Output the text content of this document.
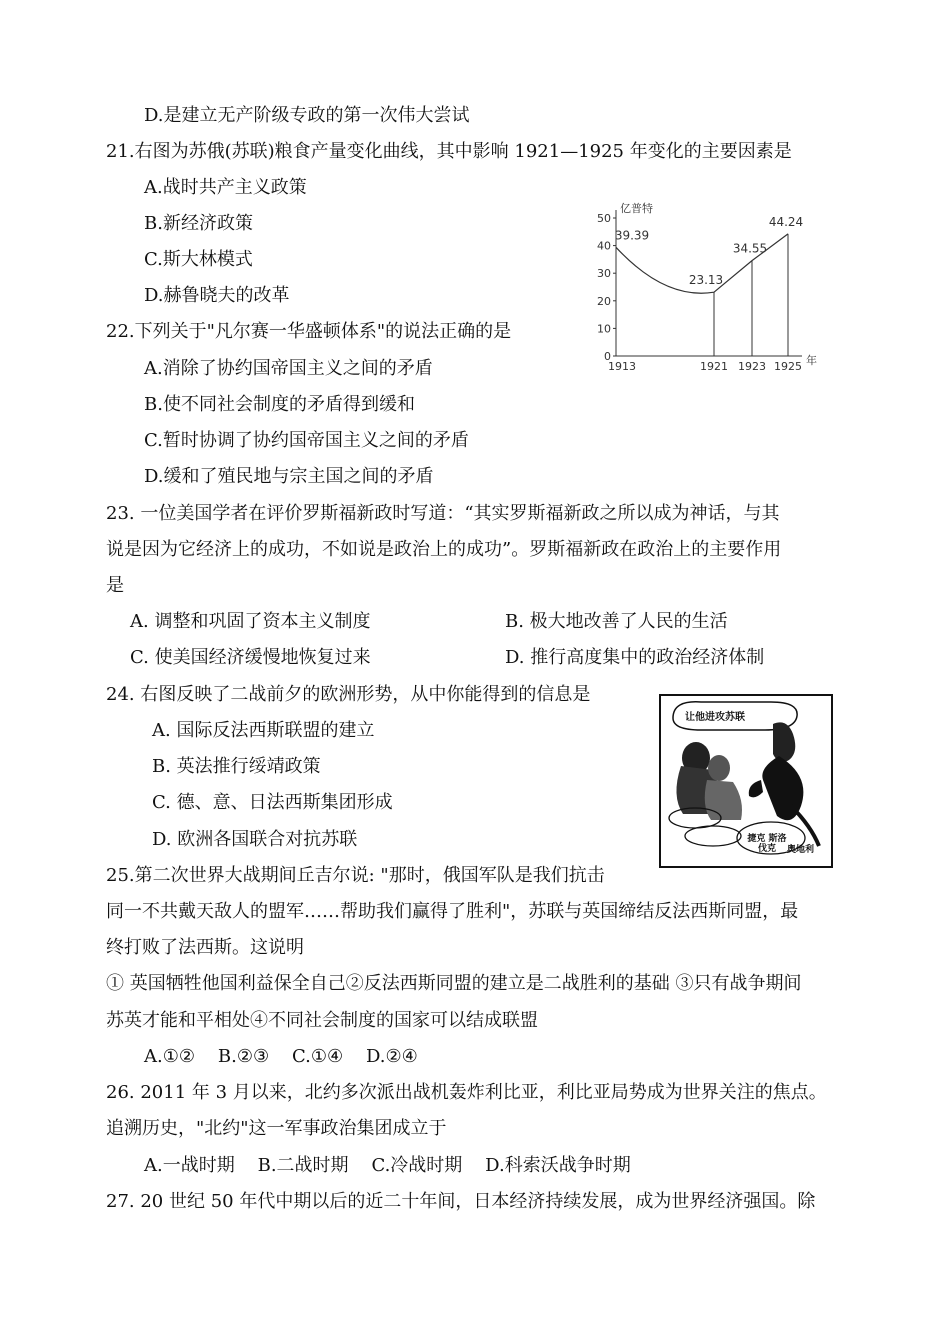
D.是建立无产阶级专政的第一次伟大尝试
21.右图为苏俄(苏联)粮食产量变化曲线，其中影响 1921—1925 年变化的主要因素是
A.战时共产主义政策
B.新经济政策
C.斯大林模式
D.赫鲁晓夫的改革
22.下列关于"凡尔赛一华盛顿体系"的说法正确的是
A.消除了协约国帝国主义之间的矛盾
B.使不同社会制度的矛盾得到缓和
C.暂时协调了协约国帝国主义之间的矛盾
D.缓和了殖民地与宗主国之间的矛盾
23. 一位美国学者在评价罗斯福新政时写道：“其实罗斯福新政之所以成为神话，与其
说是因为它经济上的成功，不如说是政治上的成功”。罗斯福新政在政治上的主要作用
是
A. 调整和巩固了资本主义制度	B. 极大地改善了人民的生活
C. 使美国经济缓慢地恢复过来	D. 推行高度集中的政治经济体制
24. 右图反映了二战前夕的欧洲形势，从中你能得到的信息是
A. 国际反法西斯联盟的建立
B. 英法推行绥靖政策
C. 德、意、日法西斯集团形成
D. 欧洲各国联合对抗苏联
25.第二次世界大战期间丘吉尔说: "那时，俄国军队是我们抗击
同一不共戴天敌人的盟军……帮助我们赢得了胜利"，苏联与英国缔结反法西斯同盟，最
终打败了法西斯。这说明
① 英国牺牲他国利益保全自己②反法西斯同盟的建立是二战胜利的基础 ③只有战争期间
苏英才能和平相处④不同社会制度的国家可以结成联盟
A.①②    B.②③    C.①④    D.②④
26. 2011 年 3 月以来，北约多次派出战机轰炸利比亚，利比亚局势成为世界关注的焦点。
追溯历史，"北约"这一军事政治集团成立于
A.一战时期    B.二战时期    C.冷战时期    D.科索沃战争时期
27. 20 世纪 50 年代中期以后的近二十年间，日本经济持续发展，成为世界经济强国。除
0
10
20
30
40
50
亿普特
年
1913	1921 1923 1925
39.39
23.13
34.55
44.24
让他进攻苏联
捷克 斯洛伐克	奥地利
